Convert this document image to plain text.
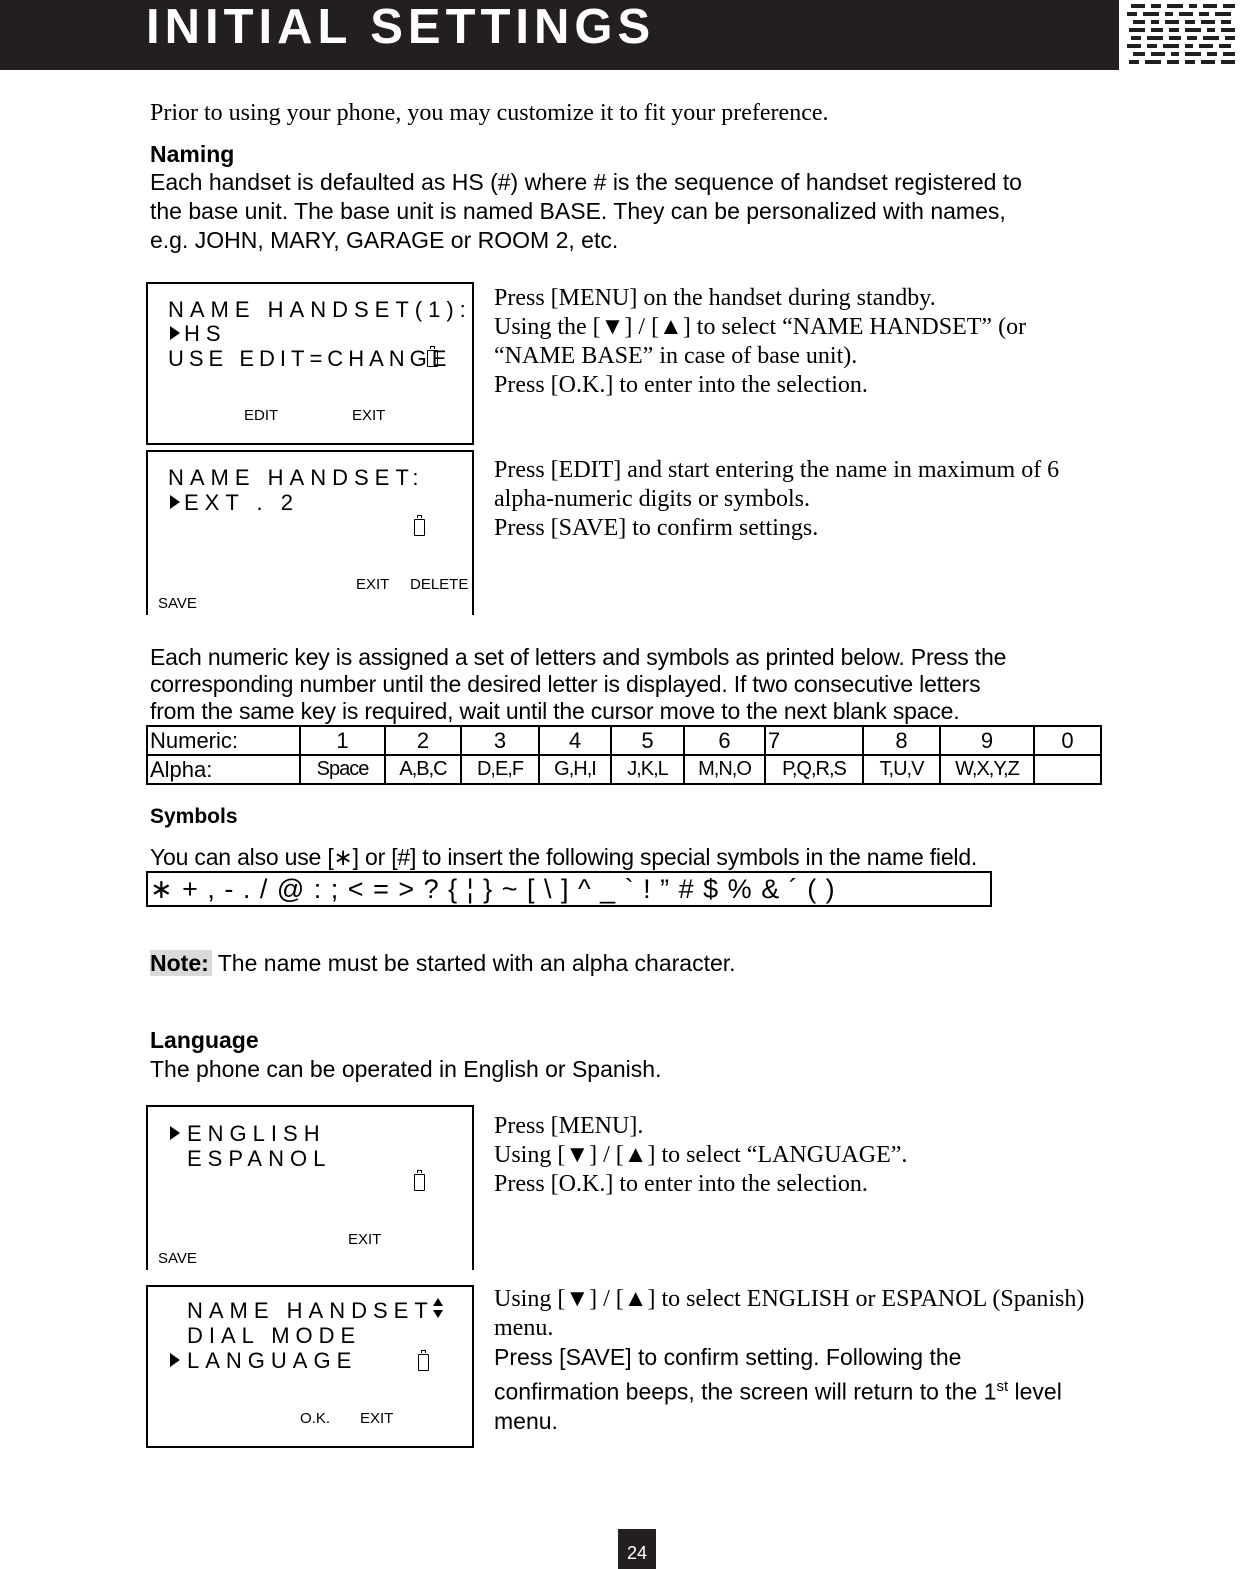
INITIAL SETTINGS
Prior to using your phone, you may customize it to fit your preference.
Naming
Each handset is defaulted as HS (#) where # is the sequence of handset registered to
the base unit. The base unit is named BASE. They can be personalized with names,
e.g. JOHN, MARY, GARAGE or ROOM 2, etc.
NAME HANDSET(1):
HS
USE EDIT=CHANGE
EDIT	EXIT
Press [MENU] on the handset during standby.
Using the [▼] / [▲] to select “NAME HANDSET” (or
“NAME BASE” in case of base unit).
Press [O.K.] to enter into the selection.
NAME HANDSET:
EXT . 2
EXIT DELETE
SAVE
Press [EDIT] and start entering the name in maximum of 6
alpha-numeric digits or symbols.
Press [SAVE] to confirm settings.
Each numeric key is assigned a set of letters and symbols as printed below. Press the
corresponding number until the desired letter is displayed. If two consecutive letters
from the same key is required, wait until the cursor move to the next blank space.
Numeric:	1	2	3	4	5	6	7	8	9	0
Alpha:	Space	A,B,C	D,E,F	G,H,I	J,K,L	M,N,O	P,Q,R,S	T,U,V	W,X,Y,Z	
Symbols
You can also use [∗] or [#] to insert the following special symbols in the name field.
∗ + , - . / @ : ; < = > ? { ¦ } ~ [ \ ] ^ _ ` ! ” # $ % & ´ ( )
Note: The name must be started with an alpha character.
Language
The phone can be operated in English or Spanish.
ENGLISH
ESPANOL
EXIT
SAVE
Press [MENU].
Using [▼] / [▲] to select “LANGUAGE”.
Press [O.K.] to enter into the selection.
NAME HANDSET
DIAL MODE
LANGUAGE
O.K. EXIT
Using [▼] / [▲] to select ENGLISH or ESPANOL (Spanish)
menu.
Press [SAVE] to confirm setting. Following the
confirmation beeps, the screen will return to the 1st level
menu.
24
